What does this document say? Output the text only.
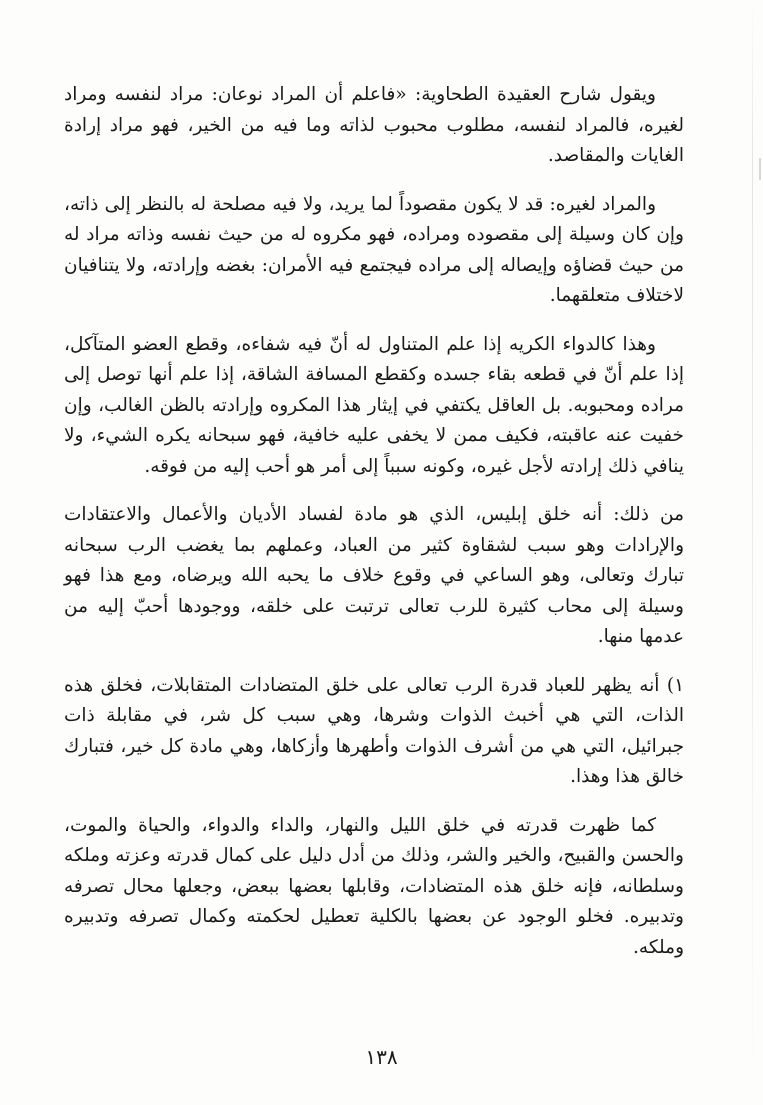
ويقول شارح العقيدة الطحاوية: «فاعلم أن المراد نوعان: مراد لنفسه ومراد لغيره، فالمراد لنفسه، مطلوب محبوب لذاته وما فيه من الخير، فهو مراد إرادة الغايات والمقاصد.

والمراد لغيره: قد لا يكون مقصوداً لما يريد، ولا فيه مصلحة له بالنظر إلى ذاته، وإن كان وسيلة إلى مقصوده ومراده، فهو مكروه له من حيث نفسه وذاته مراد له من حيث قضاؤه وإيصاله إلى مراده فيجتمع فيه الأمران: بغضه وإرادته، ولا يتنافيان لاختلاف متعلقهما.

وهذا كالدواء الكريه إذا علم المتناول له أنّ فيه شفاءه، وقطع العضو المتآكل، إذا علم أنّ في قطعه بقاء جسده وكقطع المسافة الشاقة، إذا علم أنها توصل إلى مراده ومحبوبه. بل العاقل يكتفي في إيثار هذا المكروه وإرادته بالظن الغالب، وإن خفيت عنه عاقبته، فكيف ممن لا يخفى عليه خافية، فهو سبحانه يكره الشيء، ولا ينافي ذلك إرادته لأجل غيره، وكونه سبباً إلى أمر هو أحب إليه من فوقه.

من ذلك: أنه خلق إبليس، الذي هو مادة لفساد الأديان والأعمال والاعتقادات والإرادات وهو سبب لشقاوة كثير من العباد، وعملهم بما يغضب الرب سبحانه تبارك وتعالى، وهو الساعي في وقوع خلاف ما يحبه الله ويرضاه، ومع هذا فهو وسيلة إلى محاب كثيرة للرب تعالى ترتبت على خلقه، ووجودها أحبّ إليه من عدمها منها.

١) أنه يظهر للعباد قدرة الرب تعالى على خلق المتضادات المتقابلات، فخلق هذه الذات، التي هي أخبث الذوات وشرها، وهي سبب كل شر، في مقابلة ذات جبرائيل، التي هي من أشرف الذوات وأطهرها وأزكاها، وهي مادة كل خير، فتبارك خالق هذا وهذا.

كما ظهرت قدرته في خلق الليل والنهار، والداء والدواء، والحياة والموت، والحسن والقبيح، والخير والشر، وذلك من أدل دليل على كمال قدرته وعزته وملكه وسلطانه، فإنه خلق هذه المتضادات، وقابلها بعضها ببعض، وجعلها محال تصرفه وتدبيره. فخلو الوجود عن بعضها بالكلية تعطيل لحكمته وكمال تصرفه وتدبيره وملكه.

١٣٨
